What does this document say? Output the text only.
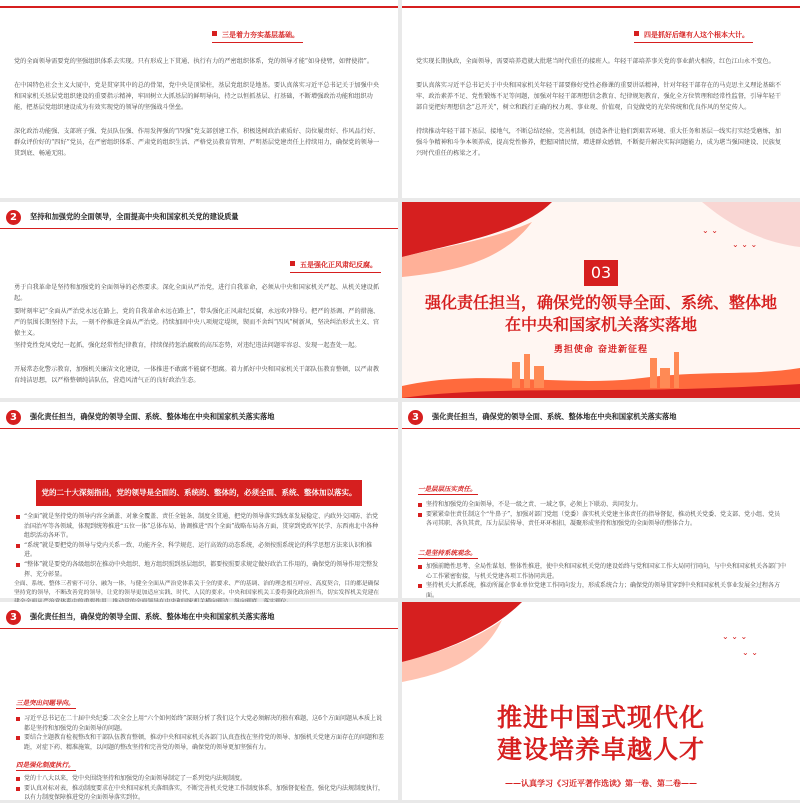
三是着力夯实基层基础。
党的全面领导需要党的坚强组织体系去实现。只有形成上下贯通、执行有力的严密组织体系，党的领导才能“如身使臂，如臂使指”。
在中国特色社会主义大厦中，党是贯穿其中的总的骨架，党中央是顶梁柱，基层党组织是地基。要认真落实习近平总书记关于加强中央和国家机关基层党组织建设的重要指示精神，牢固树立大抓基层的鲜明导向，持之以恒抓基层、打基础，不断增强政治功能和组织功能，把基层党组织建设成为有效实现党的领导的坚强战斗堡垒。
深化政治功能强、支部班子强、党员队伍强、作用发挥强的“四强”党支部创建工作，积极选树政治素质好、岗位履责好、作风品行好、群众评价好的“四好”党员，在严密组织体系、严肃党的组织生活、严格党员教育管理、严明基层党建责任上持续用力，确保党的领导一贯到底、畅通无阻。
四是抓好后继有人这个根本大计。
党实现长期执政，全面领导，需要培养造就大批堪当时代重任的接班人。年轻干部培养事关党的事业薪火相传，红色江山永不变色。
要认真落实习近平总书记关于中央和国家机关年轻干部要修好党性必修课的重要讲话精神，针对年轻干部存在的马克思主义理论基础不牢、政治素养不足、党性锻炼不足等问题，加强对年轻干部理想信念教育、纪律规矩教育，强化全方位管理和经常性监督，引导年轻干部自觉把好理想信念“总开关”，树立和践行正确的权力观、事业观、价值观，自觉做党的光荣传统和优良作风的坚定传人。
持续推动年轻干部下基层、接地气，不断总结经验，完善机制，创造条件让他们到艰苦环境、重大任务和基层一线实打实经受磨炼，加强斗争精神和斗争本领养成，提高党性修养，把握国情民情，增进群众感情，不断提升解决实际问题能力，成为堪当强国建设、民族复兴时代重任的栋梁之才。
2	坚持和加强党的全面领导，全面提高中央和国家机关党的建设质量
五是强化正风肃纪反腐。
勇于自我革命是坚持和加强党的全面领导的必然要求。深化全面从严治党，进行自我革命，必须从中央和国家机关严起、从机关建设抓起。
要时刻牢记“全面从严治党永远在路上，党的自我革命永远在路上”，带头强化正风肃纪反腐，永远吹冲锋号。把严的基调、严的措施、严的氛围长期坚持下去，一刻不停推进全面从严治党。持续加固中央八项规定堤坝，锲而不舍纠“四风”树新风，坚决纠治形式主义、官僚主义。
坚持党性党风党纪一起抓，强化经常性纪律教育，持续保持惩治腐败的高压态势，对违纪违法问题零容忍、发现一起查处一起。
开展常态化警示教育，加强机关廉洁文化建设，一体推进不敢腐不能腐不想腐。着力抓好中央和国家机关干部队伍教育整顿，以严肃教育纯洁思想，以严格整顿纯洁队伍，营造风清气正的良好政治生态。
⌄ ⌄
⌄ ⌄ ⌄
03
强化责任担当，确保党的领导全面、系统、整体地在中央和国家机关落实落地
勇担使命 奋进新征程
3	强化责任担当，确保党的领导全面、系统、整体地在中央和国家机关落实落地
党的二十大深刻指出，党的领导是全面的、系统的、整体的，必须全面、系统、整体加以落实。
“全面”就是坚持党的领导内容全涵盖、对象全覆盖、责任全链条、制度全贯通，把党的领导落实到改革发展稳定、内政外交国防、治党治国治军等各领域，体现到统筹推进“五位一体”总体布局、协调推进“四个全面”战略布局各方面，贯穿到党政军民学、东西南北中各种组织活动各环节。
“系统”就是要把党的领导与党内关系一致、功能齐全、科学规范、运行高效的动态系统，必须按照系统论的科学思想方法来认识和推进。
“整体”就是要党的各级组织在推动中央组织、地方组织照到基层组织，都要按照要求规定做好政治工作用的，确保党的领导作用完整发挥、充分彰显。
全面、系统、整体三者密不可分、融为一体，与健全全面从严治党体系关于全的要求、严的基调、治的理念相互呼应、高度契合，目的都是确保坚持党的领导，不断改善党的领导，让党的领导更加适应实践、时代、人民的要求。中央和国家机关工委将强化政治担当，切实发挥机关党建在
3	强化责任担当，确保党的领导全面、系统、整体地在中央和国家机关落实落地
一是层层压实责任。
坚持和加强党的全面领导，不是一级之责、一域之事，必须上下联动、共同发力。
要紧紧牵住责任制这个“牛鼻子”，加强对部门党组（党委）落实机关党建主体责任的指导督促，推动机关党委、党支部、党小组、党员各司其职、各负其责，压力层层传导、责任环环相扣，凝聚形成坚持和加强党的全面领导的整体合力。
二是坚持系统观念。
加强前瞻性思考、全局性谋划、整体性推进，使中央和国家机关党的建设始终与党和国家工作大局同行同向，与中央和国家机关各部门中心工作紧密衔接，与机关党建各项工作协同共进。
坚持机关大抓系统，推动所属企事业单位党建工作同向发力，形成系统合力；确保党的领导贯穿到中央和国家机关事业发展全过程各方面。
3	强化责任担当，确保党的领导全面、系统、整体地在中央和国家机关落实落地
三是突出问题导向。
习近平总书记在二十届中央纪委二次全会上用“六个如何始终”深刻分析了我们这个大党必须解决的独有难题，这6个方面问题从本质上说都是坚持和加强党的全面领导的问题。
要结合主题教育检视整改和干部队伍教育整顿，推动中央和国家机关各部门认真查找在坚持党的领导、加强机关党建方面存在的问题和差距，对症下药、精准施策，以问题的整改坚持和完善党的领导，确保党的领导更加坚强有力。
四是强化制度执行。
党的十八大以来，党中央围绕坚持和加强党的全面领导制定了一系列党内法规制度。
要认真对标对表，推动制度要求在中央和国家机关落细落实，不断完善机关党建工作制度体系，加强督促检查，强化党内法规制度执行，以有力制度保障推进党的全面领导落实到位。
⌄ ⌄ ⌄
⌄ ⌄
推进中国式现代化
建设培养卓越人才
——认真学习《习近平著作选读》第一卷、第二卷——
